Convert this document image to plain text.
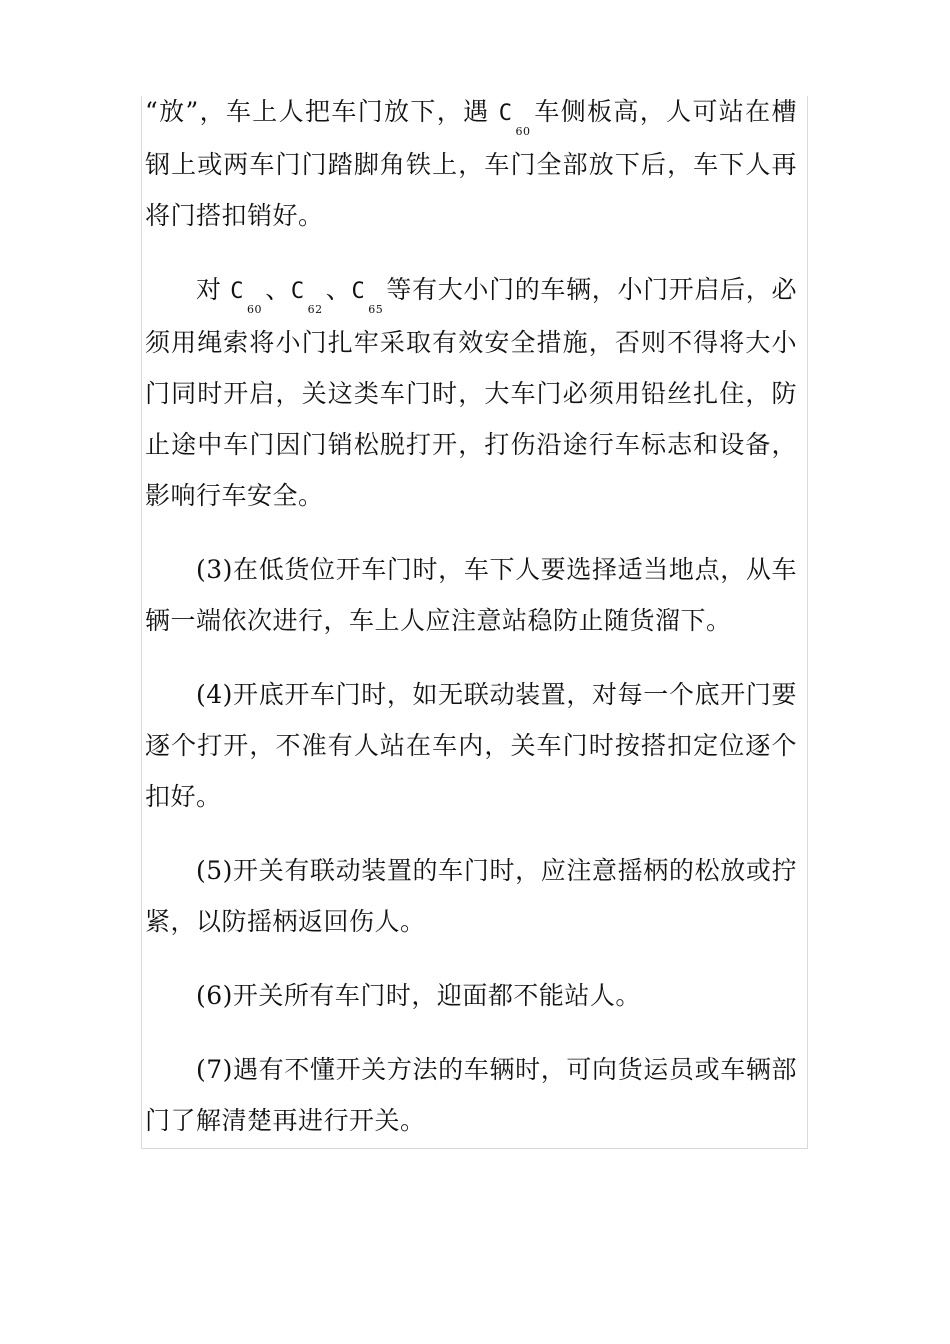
“放”，车上人把车门放下，遇 $C_{60}$车侧板高，人可站在槽钢上或两车门门踏脚角铁上，车门全部放下后，车下人再将门搭扣销好。

对 $C_{60}$、$C_{62}$、$C_{65}$等有大小门的车辆，小门开启后，必须用绳索将小门扎牢采取有效安全措施，否则不得将大小门同时开启，关这类车门时，大车门必须用铅丝扎住，防止途中车门因门销松脱打开，打伤沿途行车标志和设备，影响行车安全。

(3)在低货位开车门时，车下人要选择适当地点，从车辆一端依次进行，车上人应注意站稳防止随货溜下。

(4)开底开车门时，如无联动装置，对每一个底开门要逐个打开，不准有人站在车内，关车门时按搭扣定位逐个扣好。

(5)开关有联动装置的车门时，应注意摇柄的松放或拧紧，以防摇柄返回伤人。

(6)开关所有车门时，迎面都不能站人。

(7)遇有不懂开关方法的车辆时，可向货运员或车辆部门了解清楚再进行开关。
